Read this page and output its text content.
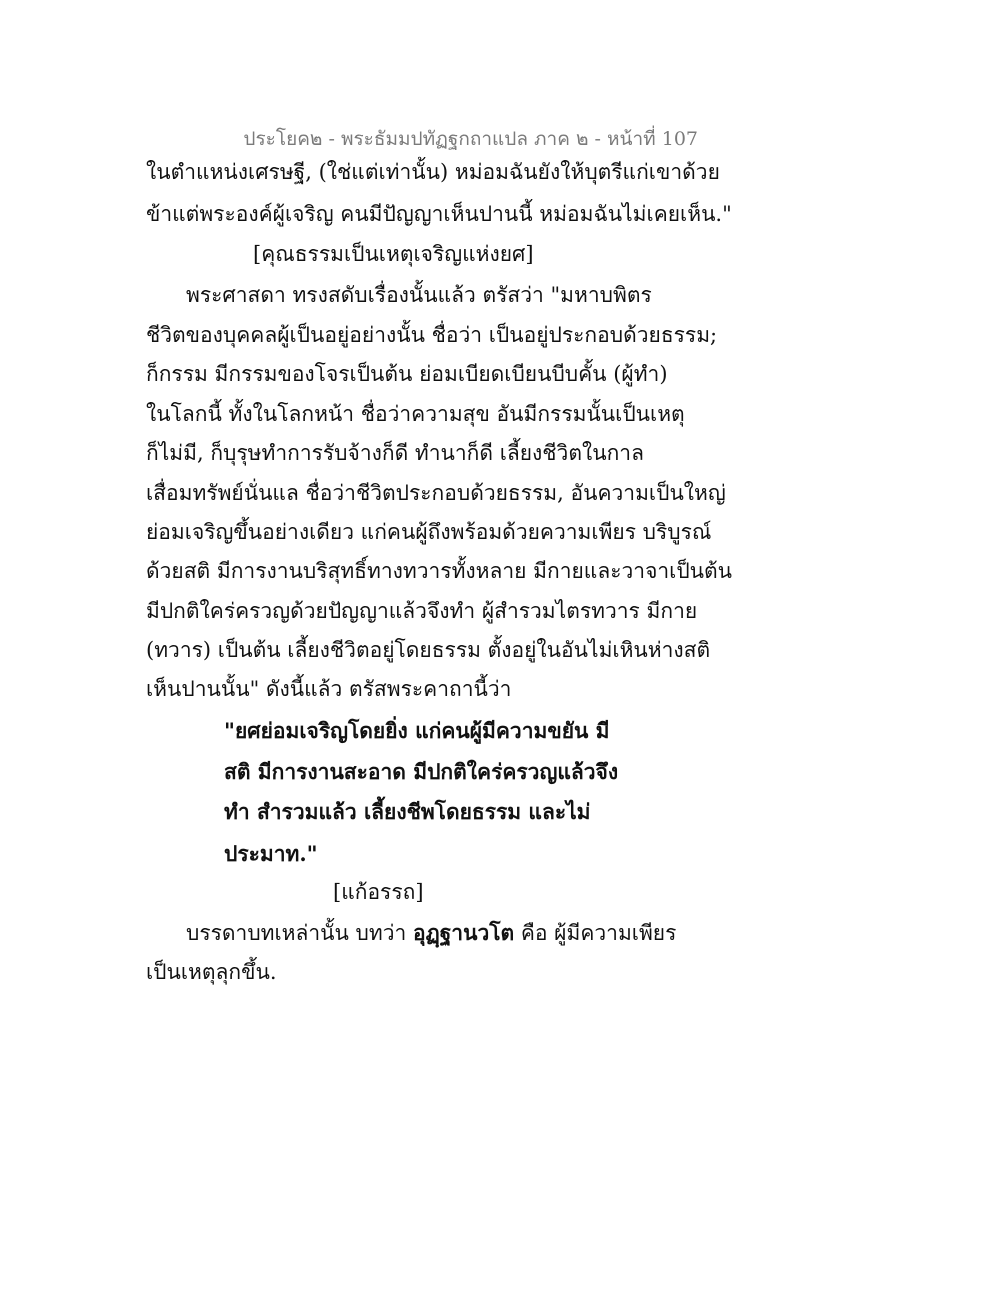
ประโยค๒ - พระธัมมปทัฏฐกถาแปล ภาค ๒ - หน้าที่ 107
ในตำแหน่งเศรษฐี, (ใช่แต่เท่านั้น) หม่อมฉันยังให้บุตรีแก่เขาด้วย
ข้าแต่พระองค์ผู้เจริญ คนมีปัญญาเห็นปานนี้ หม่อมฉันไม่เคยเห็น."
[คุณธรรมเป็นเหตุเจริญแห่งยศ]
พระศาสดา ทรงสดับเรื่องนั้นแล้ว ตรัสว่า "มหาบพิตร
ชีวิตของบุคคลผู้เป็นอยู่อย่างนั้น ชื่อว่า เป็นอยู่ประกอบด้วยธรรม;
ก็กรรม มีกรรมของโจรเป็นต้น ย่อมเบียดเบียนบีบคั้น (ผู้ทำ)
ในโลกนี้ ทั้งในโลกหน้า ชื่อว่าความสุข อันมีกรรมนั้นเป็นเหตุ
ก็ไม่มี, ก็บุรุษทำการรับจ้างก็ดี ทำนาก็ดี เลี้ยงชีวิตในกาล
เสื่อมทรัพย์นั่นแล ชื่อว่าชีวิตประกอบด้วยธรรม, อันความเป็นใหญ่
ย่อมเจริญขึ้นอย่างเดียว แก่คนผู้ถึงพร้อมด้วยความเพียร บริบูรณ์
ด้วยสติ มีการงานบริสุทธิ์ทางทวารทั้งหลาย มีกายและวาจาเป็นต้น
มีปกติใคร่ครวญด้วยปัญญาแล้วจึงทำ ผู้สำรวมไตรทวาร มีกาย
(ทวาร) เป็นต้น เลี้ยงชีวิตอยู่โดยธรรม ตั้งอยู่ในอันไม่เหินห่างสติ
เห็นปานนั้น" ดังนี้แล้ว ตรัสพระคาถานี้ว่า
"ยศย่อมเจริญโดยยิ่ง แก่คนผู้มีความขยัน มี
สติ มีการงานสะอาด มีปกติใคร่ครวญแล้วจึง
ทำ สำรวมแล้ว เลี้ยงชีพโดยธรรม และไม่
ประมาท."
[แก้อรรถ]
บรรดาบทเหล่านั้น บทว่า อุฏฺฐานวโต คือ ผู้มีความเพียร
เป็นเหตุลุกขึ้น.
